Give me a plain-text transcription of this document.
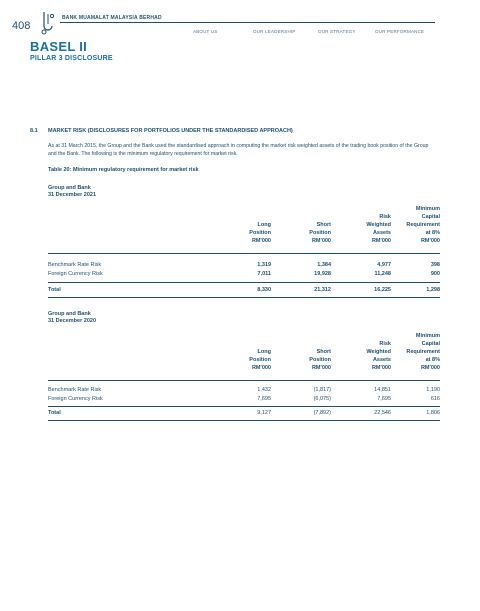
408
BANK MUAMALAT MALAYSIA BERHAD
ABOUT US	OUR LEADERSHIP	OUR STRATEGY	OUR PERFORMANCE
BASEL II
PILLAR 3 DISCLOSURE
8.1 MARKET RISK (DISCLOSURES FOR PORTFOLIOS UNDER THE STANDARDISED APPROACH)
As at 31 March 2015, the Group and the Bank used the standardised approach in computing the market risk weighted assets of the trading book position of the Group and the Bank. The following is the minimum regulatory requirement for market risk.
Table 20: Minimum regulatory requirement for market risk
Group and Bank
31 December 2021
Long
Position
RM'000
Short
Position
RM'000
Risk
Weighted
Assets
RM'000
Minimum
Capital
Requirement
at 8%
RM'000
Benchmark Rate Risk	1,319	1,384	4,977	398
Foreign Currency Risk	7,011	19,928	11,248	900
Total	8,330	21,312	16,225	1,298
Group and Bank
31 December 2020
Long
Position
RM'000
Short
Position
RM'000
Risk
Weighted
Assets
RM'000
Minimum
Capital
Requirement
at 8%
RM'000
Benchmark Rate Risk	1,432	(1,817)	14,851	1,190
Foreign Currency Risk	7,695	(6,075)	7,695	616
Total	9,127	(7,892)	22,546	1,806
